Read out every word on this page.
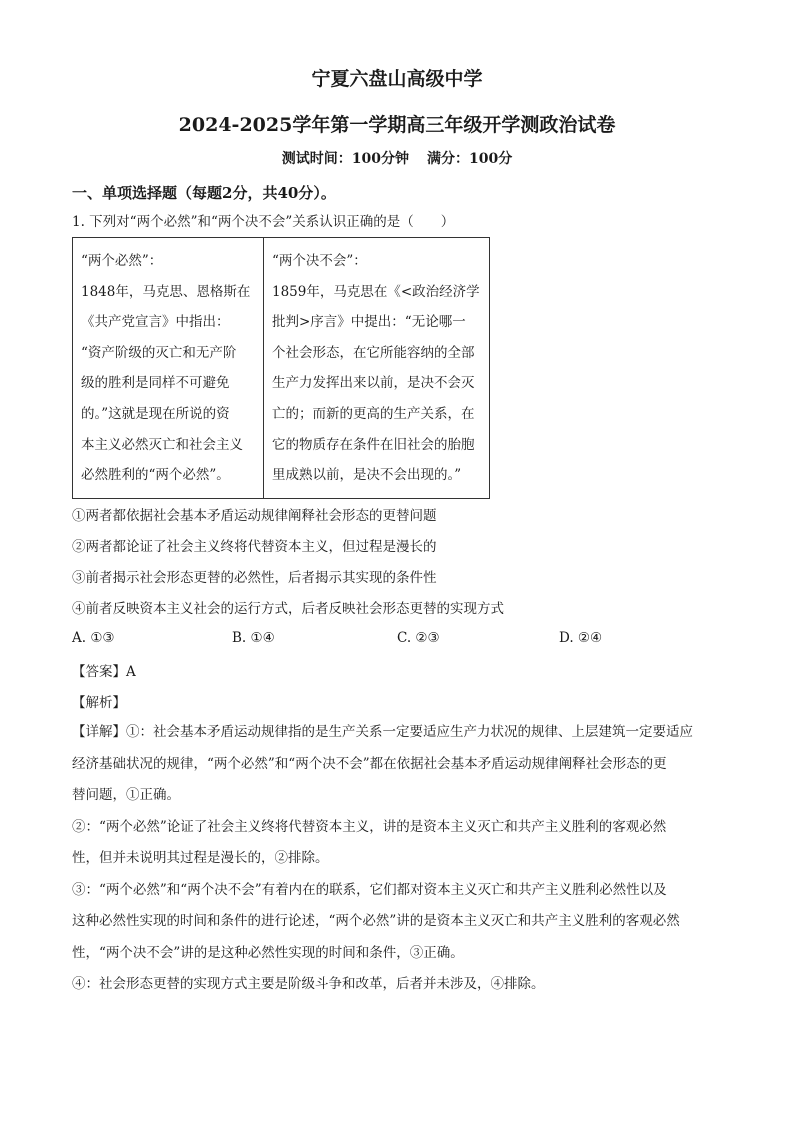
宁夏六盘山高级中学
2024-2025学年第一学期高三年级开学测政治试卷
测试时间：100分钟 满分：100分
一、单项选择题（每题2分，共40分）。
1. 下列对“两个必然”和“两个决不会”关系认识正确的是（　　）
“两个必然”：
1848年，马克思、恩格斯在
《共产党宣言》中指出：
“资产阶级的灭亡和无产阶
级的胜利是同样不可避免
的。”这就是现在所说的资
本主义必然灭亡和社会主义
必然胜利的“两个必然”。

“两个决不会”：
1859年，马克思在《<政治经济学
批判>序言》中提出：“无论哪一
个社会形态，在它所能容纳的全部
生产力发挥出来以前，是决不会灭
亡的；而新的更高的生产关系，在
它的物质存在条件在旧社会的胎胞
里成熟以前，是决不会出现的。”
①两者都依据社会基本矛盾运动规律阐释社会形态的更替问题
②两者都论证了社会主义终将代替资本主义，但过程是漫长的
③前者揭示社会形态更替的必然性，后者揭示其实现的条件性
④前者反映资本主义社会的运行方式，后者反映社会形态更替的实现方式
A. ①③	B. ①④	C. ②③	D. ②④
【答案】A
【解析】
【详解】①：社会基本矛盾运动规律指的是生产关系一定要适应生产力状况的规律、上层建筑一定要适应
经济基础状况的规律，“两个必然”和“两个决不会”都在依据社会基本矛盾运动规律阐释社会形态的更
替问题，①正确。
②：“两个必然”论证了社会主义终将代替资本主义，讲的是资本主义灭亡和共产主义胜利的客观必然
性，但并未说明其过程是漫长的，②排除。
③：“两个必然”和“两个决不会”有着内在的联系，它们都对资本主义灭亡和共产主义胜利必然性以及
这种必然性实现的时间和条件的进行论述，“两个必然”讲的是资本主义灭亡和共产主义胜利的客观必然
性，“两个决不会”讲的是这种必然性实现的时间和条件，③正确。
④：社会形态更替的实现方式主要是阶级斗争和改革，后者并未涉及，④排除。
